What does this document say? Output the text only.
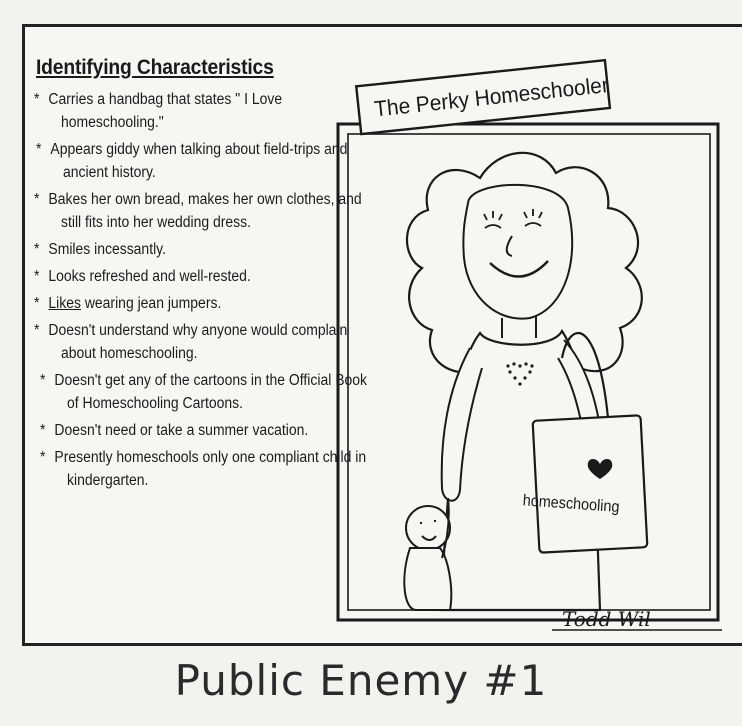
Identifying Characteristics
* Carries a handbag that states " I Love homeschooling."
* Appears giddy when talking about field-trips and ancient history.
* Bakes her own bread, makes her own clothes, and still fits into her wedding dress.
* Smiles incessantly.
* Looks refreshed and well-rested.
* Likes wearing jean jumpers.
* Doesn't understand why anyone would complain about homeschooling.
* Doesn't get any of the cartoons in the Official Book of Homeschooling Cartoons.
* Doesn't need or take a summer vacation.
* Presently homeschools only one compliant child in kindergarten.
homeschooling
The Perky Homeschooler
Todd Wil
Public Enemy #1
